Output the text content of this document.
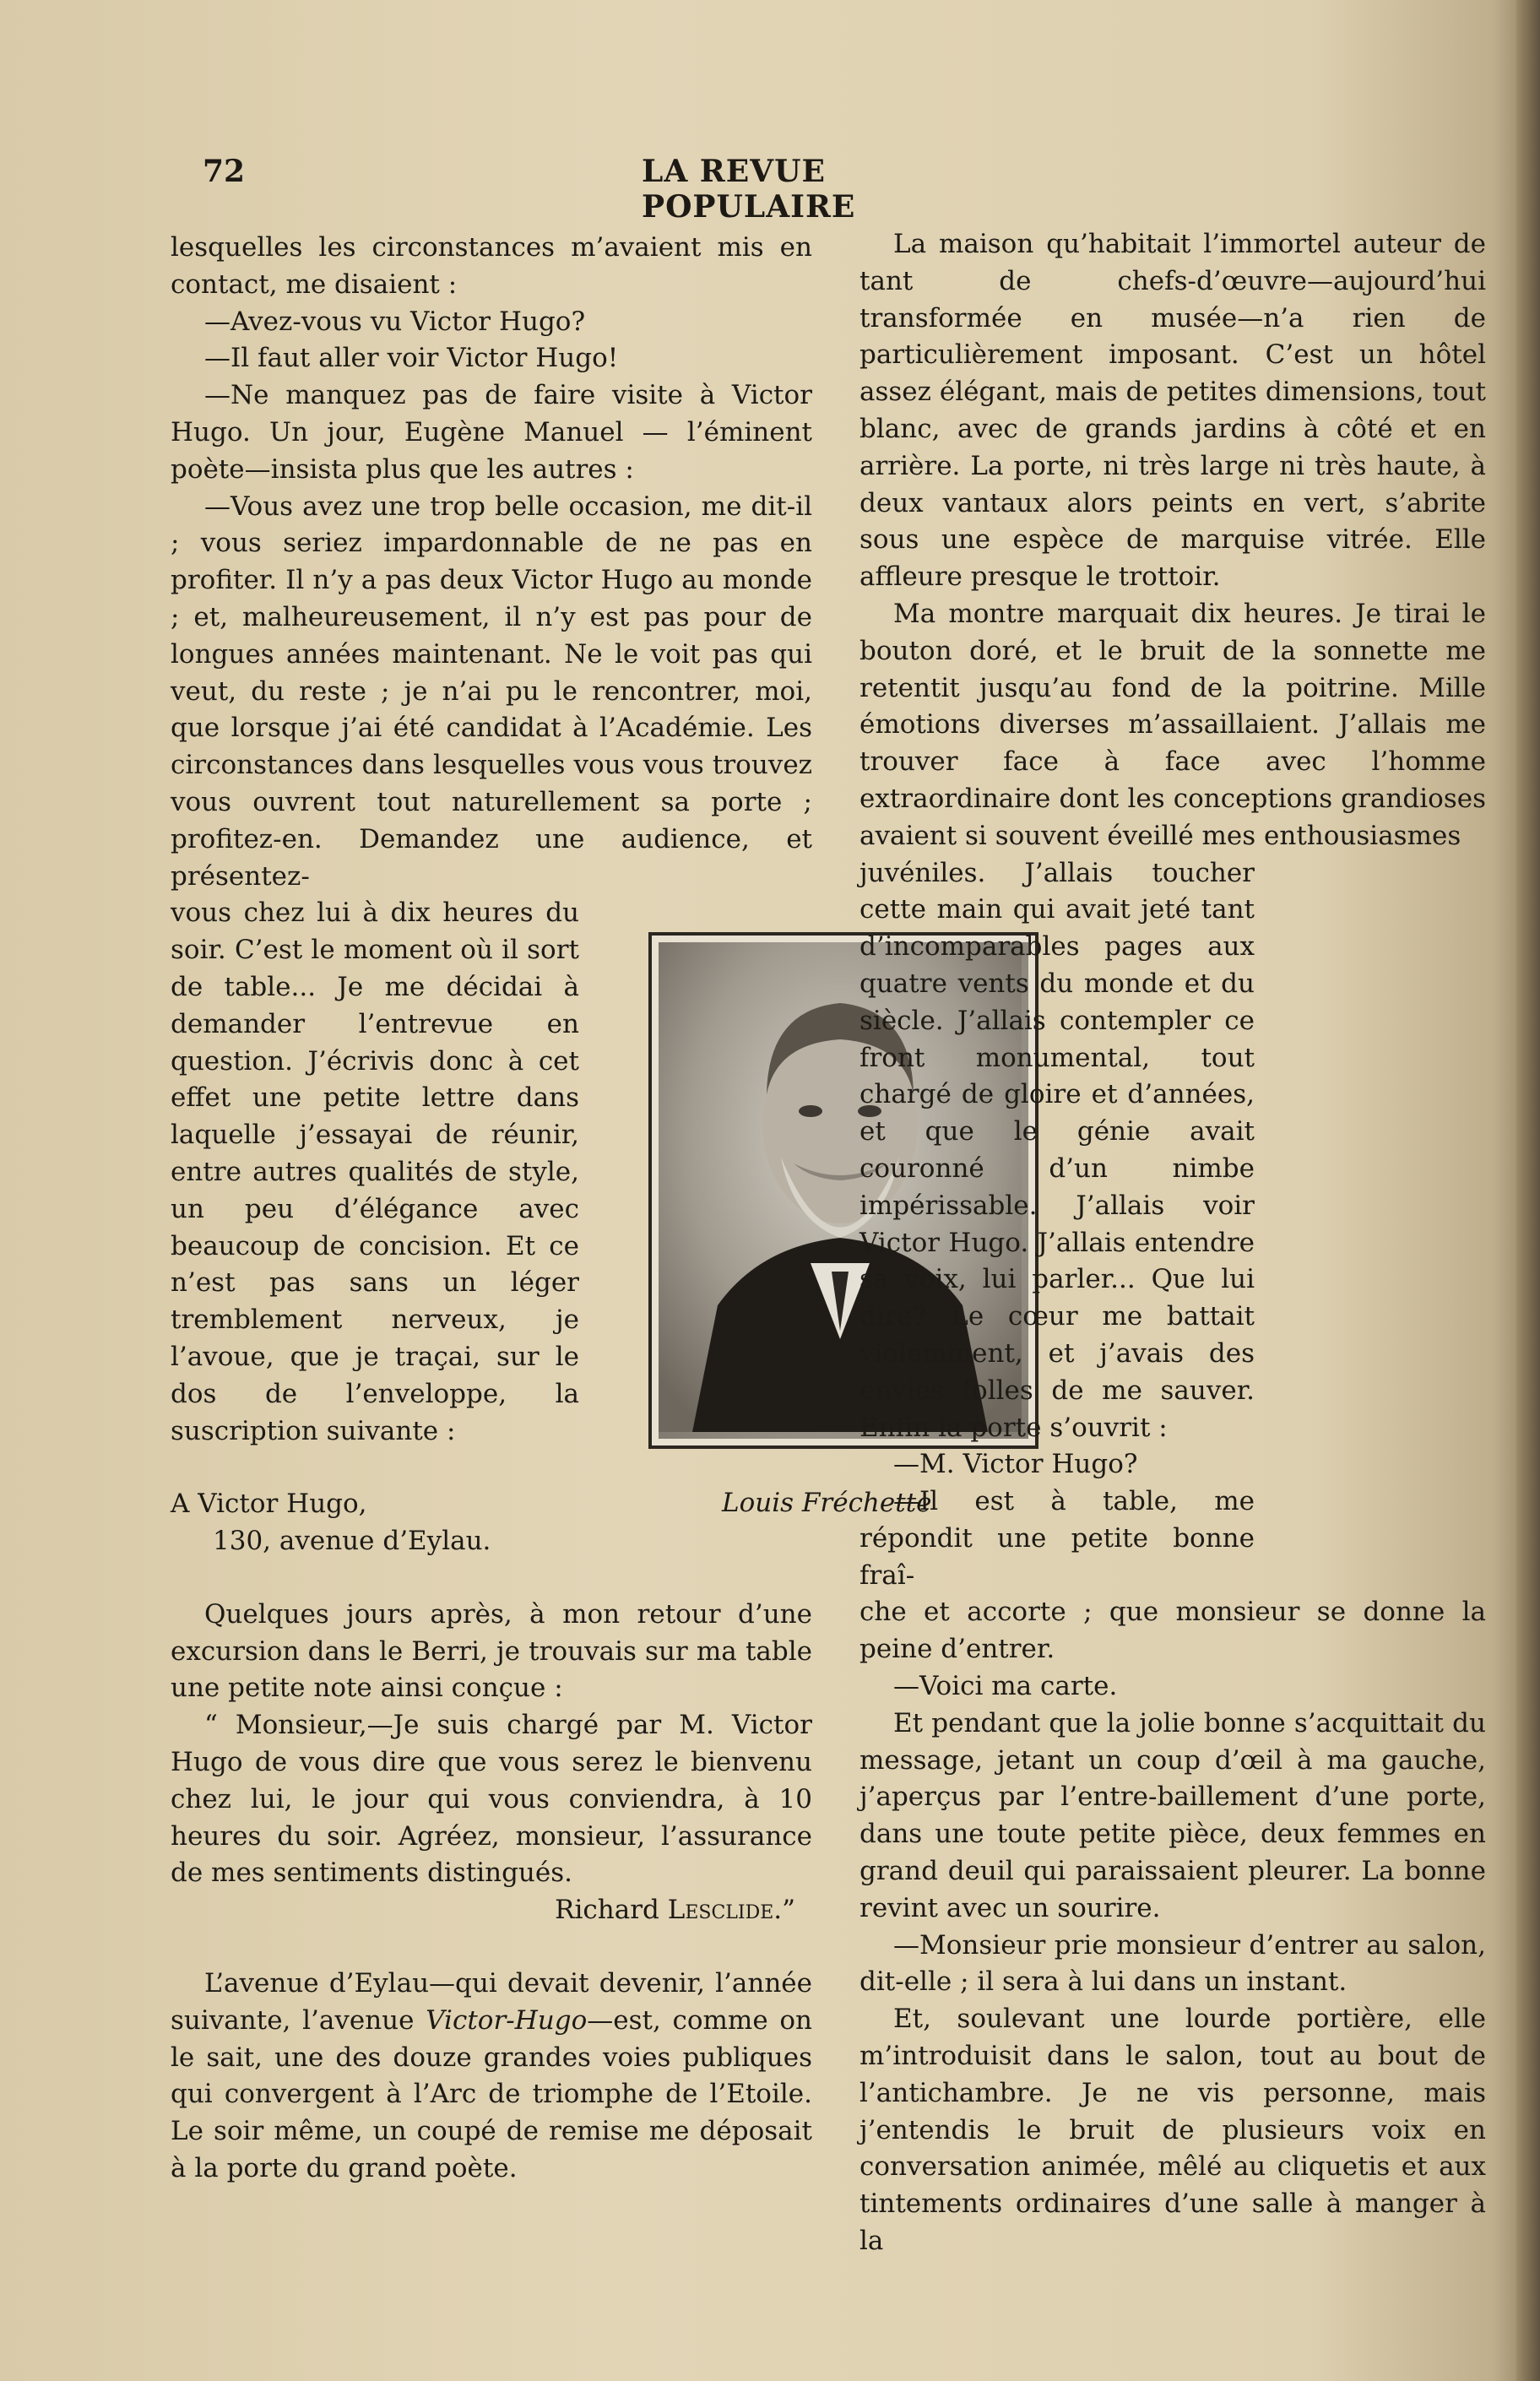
72	LA REVUE POPULAIRE

lesquelles les circonstances m’avaient mis en contact, me disaient :

—Avez-vous vu Victor Hugo?

—Il faut aller voir Victor Hugo!

—Ne manquez pas de faire visite à Victor Hugo. Un jour, Eugène Manuel — l’éminent poète—insista plus que les autres :

—Vous avez une trop belle occasion, me dit-il ; vous seriez impardonnable de ne pas en profiter. Il n’y a pas deux Victor Hugo au monde ; et, malheureusement, il n’y est pas pour de longues années maintenant. Ne le voit pas qui veut, du reste ; je n’ai pu le rencontrer, moi, que lorsque j’ai été candidat à l’Académie. Les circonstances dans lesquelles vous vous trouvez vous ouvrent tout naturellement sa porte ; profitez-en. Demandez une audience, et présentez-

vous chez lui à dix heures du soir. C’est le moment où il sort de table... Je me décidai à demander l’entrevue en question. J’écrivis donc à cet effet une petite lettre dans laquelle j’essayai de réunir, entre autres qualités de style, un peu d’élégance avec beaucoup de concision. Et ce n’est pas sans un léger tremblement nerveux, je l’avoue, que je traçai, sur le dos de l’enveloppe, la suscription suivante :

A Victor Hugo,

130, avenue d’Eylau.

Quelques jours après, à mon retour d’une excursion dans le Berri, je trouvais sur ma table une petite note ainsi conçue :

“ Monsieur,—Je suis chargé par M. Victor Hugo de vous dire que vous serez le bienvenu chez lui, le jour qui vous conviendra, à 10 heures du soir. Agréez, monsieur, l’assurance de mes sentiments distingués.

Richard Lesclide.”

L’avenue d’Eylau—qui devait devenir, l’année suivante, l’avenue Victor-Hugo—est, comme on le sait, une des douze grandes voies publiques qui convergent à l’Arc de triomphe de l’Etoile. Le soir même, un coupé de remise me déposait à la porte du grand poète.

Louis Fréchette

La maison qu’habitait l’immortel auteur de tant de chefs-d’œuvre—aujourd’hui transformée en musée—n’a rien de particulièrement imposant. C’est un hôtel assez élégant, mais de petites dimensions, tout blanc, avec de grands jardins à côté et en arrière. La porte, ni très large ni très haute, à deux vantaux alors peints en vert, s’abrite sous une espèce de marquise vitrée. Elle affleure presque le trottoir.

Ma montre marquait dix heures. Je tirai le bouton doré, et le bruit de la sonnette me retentit jusqu’au fond de la poitrine. Mille émotions diverses m’assaillaient. J’allais me trouver face à face avec l’homme extraordinaire dont les conceptions grandioses avaient si souvent éveillé mes enthousiasmes

juvéniles. J’allais toucher cette main qui avait jeté tant d’incomparables pages aux quatre vents du monde et du siècle. J’allais contempler ce front monumental, tout chargé de gloire et d’années, et que le génie avait couronné d’un nimbe impérissable. J’allais voir Victor Hugo. J’allais entendre sa voix, lui parler... Que lui dire? Le cœur me battait violemment, et j’avais des envies folles de me sauver. Enfin la porte s’ouvrit :

—M. Victor Hugo?

—Il est à table, me répondit une petite bonne fraî-

che et accorte ; que monsieur se donne la peine d’entrer.

—Voici ma carte.

Et pendant que la jolie bonne s’acquittait du message, jetant un coup d’œil à ma gauche, j’aperçus par l’entre-baillement d’une porte, dans une toute petite pièce, deux femmes en grand deuil qui paraissaient pleurer. La bonne revint avec un sourire.

—Monsieur prie monsieur d’entrer au salon, dit-elle ; il sera à lui dans un instant.

Et, soulevant une lourde portière, elle m’introduisit dans le salon, tout au bout de l’antichambre. Je ne vis personne, mais j’entendis le bruit de plusieurs voix en conversation animée, mêlé au cliquetis et aux tintements ordinaires d’une salle à manger à la
